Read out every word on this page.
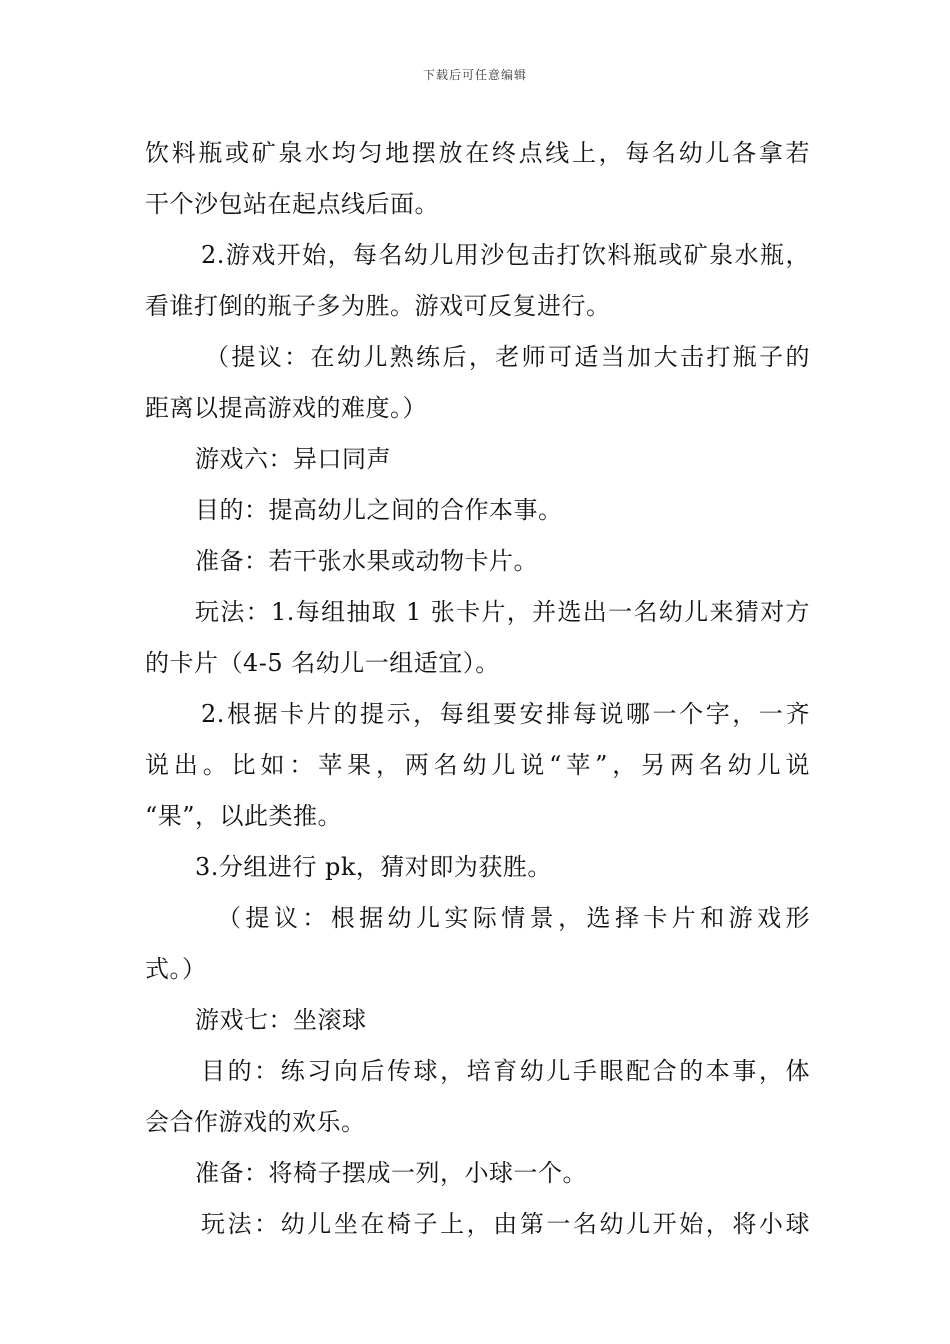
下载后可任意编辑
饮料瓶或矿泉水均匀地摆放在终点线上，每名幼儿各拿若
干个沙包站在起点线后面。
2.游戏开始，每名幼儿用沙包击打饮料瓶或矿泉水瓶，
看谁打倒的瓶子多为胜。游戏可反复进行。
（提议：在幼儿熟练后，老师可适当加大击打瓶子的
距离以提高游戏的难度。）
游戏六：异口同声
目的：提高幼儿之间的合作本事。
准备：若干张水果或动物卡片。
玩法：1.每组抽取 1 张卡片，并选出一名幼儿来猜对方
的卡片（4-5 名幼儿一组适宜）。
2.根据卡片的提示，每组要安排每说哪一个字，一齐
说出。比如：苹果，两名幼儿说“苹”，另两名幼儿说
“果”，以此类推。
3.分组进行 pk，猜对即为获胜。
（提议：根据幼儿实际情景，选择卡片和游戏形
式。）
游戏七：坐滚球
目的：练习向后传球，培育幼儿手眼配合的本事，体
会合作游戏的欢乐。
准备：将椅子摆成一列，小球一个。
玩法：幼儿坐在椅子上，由第一名幼儿开始，将小球
